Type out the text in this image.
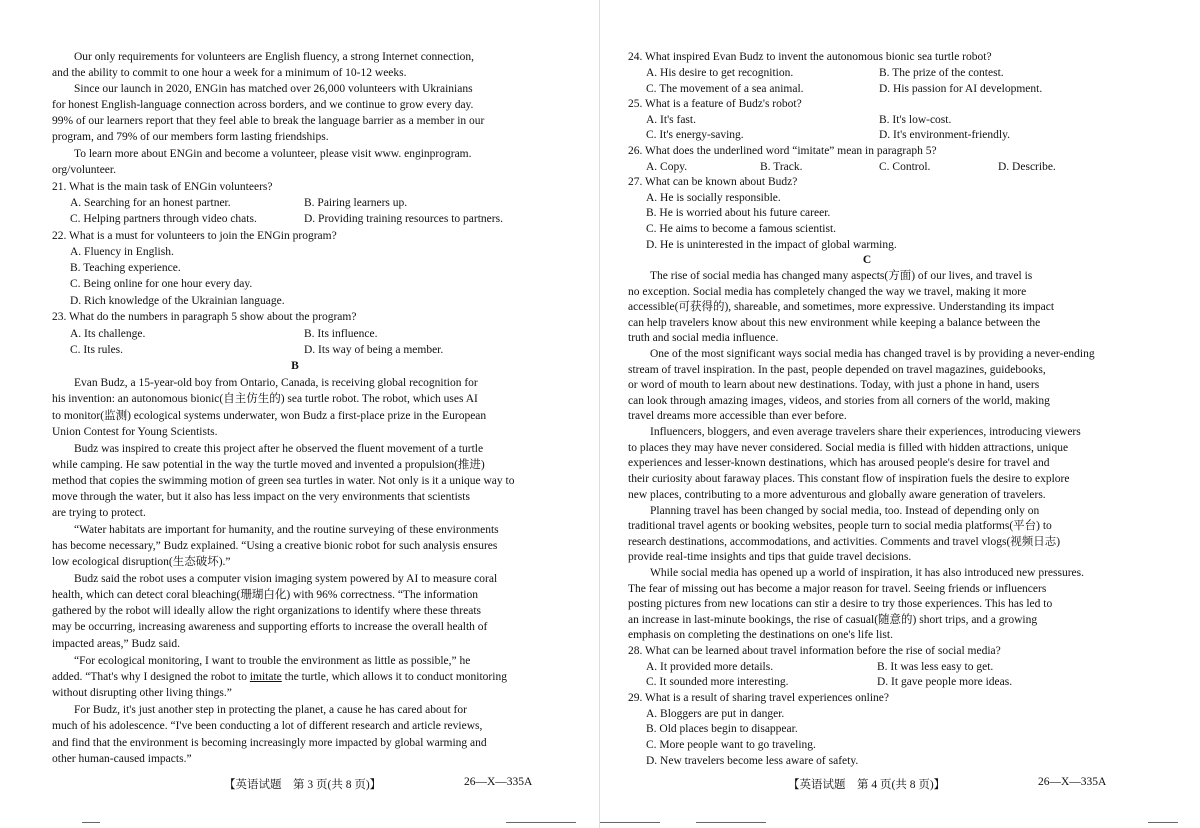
Our only requirements for volunteers are English fluency, a strong Internet connection,
and the ability to commit to one hour a week for a minimum of 10-12 weeks.
Since our launch in 2020, ENGin has matched over 26,000 volunteers with Ukrainians
for honest English-language connection across borders, and we continue to grow every day.
99% of our learners report that they feel able to break the language barrier as a member in our
program, and 79% of our members form lasting friendships.
To learn more about ENGin and become a volunteer, please visit www. enginprogram.
org/volunteer.
21. What is the main task of ENGin volunteers?
A. Searching for an honest partner.	B. Pairing learners up.
C. Helping partners through video chats.	D. Providing training resources to partners.
22. What is a must for volunteers to join the ENGin program?
A. Fluency in English.
B. Teaching experience.
C. Being online for one hour every day.
D. Rich knowledge of the Ukrainian language.
23. What do the numbers in paragraph 5 show about the program?
A. Its challenge.	B. Its influence.
C. Its rules.	D. Its way of being a member.
B
Evan Budz, a 15-year-old boy from Ontario, Canada, is receiving global recognition for
his invention: an autonomous bionic(自主仿生的) sea turtle robot. The robot, which uses AI
to monitor(监测) ecological systems underwater, won Budz a first-place prize in the European
Union Contest for Young Scientists.
Budz was inspired to create this project after he observed the fluent movement of a turtle
while camping. He saw potential in the way the turtle moved and invented a propulsion(推进)
method that copies the swimming motion of green sea turtles in water. Not only is it a unique way to
move through the water, but it also has less impact on the very environments that scientists
are trying to protect.
“Water habitats are important for humanity, and the routine surveying of these environments
has become necessary,” Budz explained. “Using a creative bionic robot for such analysis ensures
low ecological disruption(生态破坏).”
Budz said the robot uses a computer vision imaging system powered by AI to measure coral
health, which can detect coral bleaching(珊瑚白化) with 96% correctness. “The information
gathered by the robot will ideally allow the right organizations to identify where these threats
may be occurring, increasing awareness and supporting efforts to increase the overall health of
impacted areas,” Budz said.
“For ecological monitoring, I want to trouble the environment as little as possible,” he
added. “That's why I designed the robot to imitate the turtle, which allows it to conduct monitoring
without disrupting other living things.”
For Budz, it's just another step in protecting the planet, a cause he has cared about for
much of his adolescence. “I've been conducting a lot of different research and article reviews,
and find that the environment is becoming increasingly more impacted by global warming and
other human-caused impacts.”
【英语试题　第 3 页(共 8 页)】	26—X—335A
24. What inspired Evan Budz to invent the autonomous bionic sea turtle robot?
A. His desire to get recognition.	B. The prize of the contest.
C. The movement of a sea animal.	D. His passion for AI development.
25. What is a feature of Budz's robot?
A. It's fast.	B. It's low-cost.
C. It's energy-saving.	D. It's environment-friendly.
26. What does the underlined word “imitate” mean in paragraph 5?
A. Copy.	B. Track.	C. Control.	D. Describe.
27. What can be known about Budz?
A. He is socially responsible.
B. He is worried about his future career.
C. He aims to become a famous scientist.
D. He is uninterested in the impact of global warming.
C
The rise of social media has changed many aspects(方面) of our lives, and travel is
no exception. Social media has completely changed the way we travel, making it more
accessible(可获得的), shareable, and sometimes, more expressive. Understanding its impact
can help travelers know about this new environment while keeping a balance between the
truth and social media influence.
One of the most significant ways social media has changed travel is by providing a never-ending
stream of travel inspiration. In the past, people depended on travel magazines, guidebooks,
or word of mouth to learn about new destinations. Today, with just a phone in hand, users
can look through amazing images, videos, and stories from all corners of the world, making
travel dreams more accessible than ever before.
Influencers, bloggers, and even average travelers share their experiences, introducing viewers
to places they may have never considered. Social media is filled with hidden attractions, unique
experiences and lesser-known destinations, which has aroused people's desire for travel and
their curiosity about faraway places. This constant flow of inspiration fuels the desire to explore
new places, contributing to a more adventurous and globally aware generation of travelers.
Planning travel has been changed by social media, too. Instead of depending only on
traditional travel agents or booking websites, people turn to social media platforms(平台) to
research destinations, accommodations, and activities. Comments and travel vlogs(视频日志)
provide real-time insights and tips that guide travel decisions.
While social media has opened up a world of inspiration, it has also introduced new pressures.
The fear of missing out has become a major reason for travel. Seeing friends or influencers
posting pictures from new locations can stir a desire to try those experiences. This has led to
an increase in last-minute bookings, the rise of casual(随意的) short trips, and a growing
emphasis on completing the destinations on one's life list.
28. What can be learned about travel information before the rise of social media?
A. It provided more details.	B. It was less easy to get.
C. It sounded more interesting.	D. It gave people more ideas.
29. What is a result of sharing travel experiences online?
A. Bloggers are put in danger.
B. Old places begin to disappear.
C. More people want to go traveling.
D. New travelers become less aware of safety.
【英语试题　第 4 页(共 8 页)】	26—X—335A
